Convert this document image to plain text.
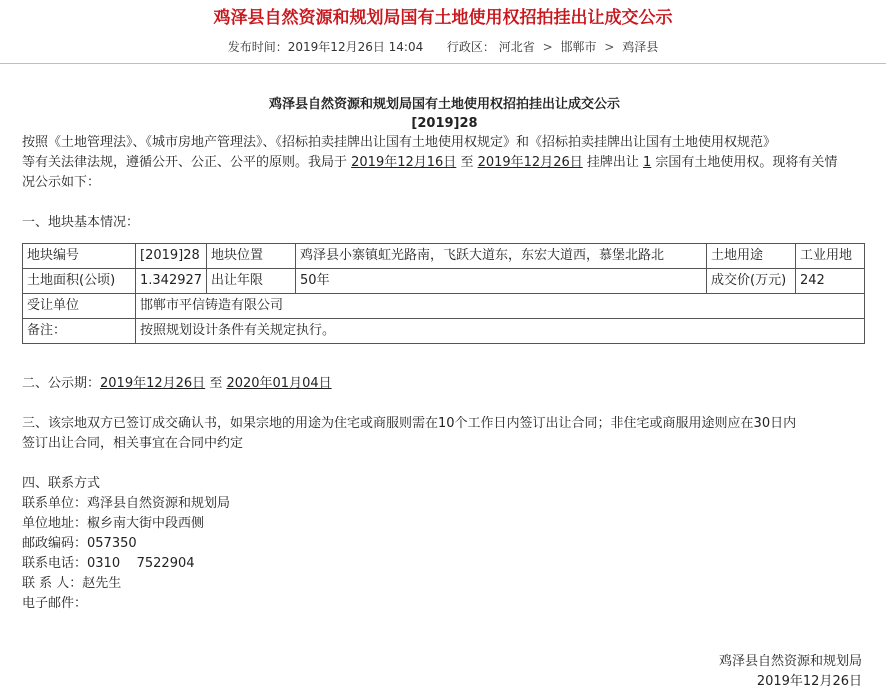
鸡泽县自然资源和规划局国有土地使用权招拍挂出让成交公示
发布时间：2019年12月26日 14:04 行政区： 河北省 > 邯郸市 > 鸡泽县
鸡泽县自然资源和规划局国有土地使用权招拍挂出让成交公示
[2019]28

按照《土地管理法》、《城市房地产管理法》、《招标拍卖挂牌出让国有土地使用权规定》和《招标拍卖挂牌出让国有土地使用权规范》

等有关法律法规，遵循公开、公正、公平的原则。我局于 2019年12月16日 至 2019年12月26日 挂牌出让 1 宗国有土地使用权。现将有关情

况公示如下：

一、地块基本情况：

地块编号	[2019]28	地块位置	鸡泽县小寨镇虹光路南，飞跃大道东，东宏大道西，慕堡北路北	土地用途	工业用地
土地面积(公顷)	1.342927	出让年限	50年	成交价(万元)	242
受让单位	邯郸市平信铸造有限公司				
备注：	按照规划设计条件有关规定执行。				

二、公示期：2019年12月26日 至 2020年01月04日

三、该宗地双方已签订成交确认书，如果宗地的用途为住宅或商服则需在10个工作日内签订出让合同；非住宅或商服用途则应在30日内

签订出让合同，相关事宜在合同中约定

四、联系方式

联系单位：鸡泽县自然资源和规划局

单位地址：椒乡南大街中段西侧

邮政编码：057350

联系电话：0310    7522904

联 系 人：赵先生

电子邮件：

鸡泽县自然资源和规划局
2019年12月26日
